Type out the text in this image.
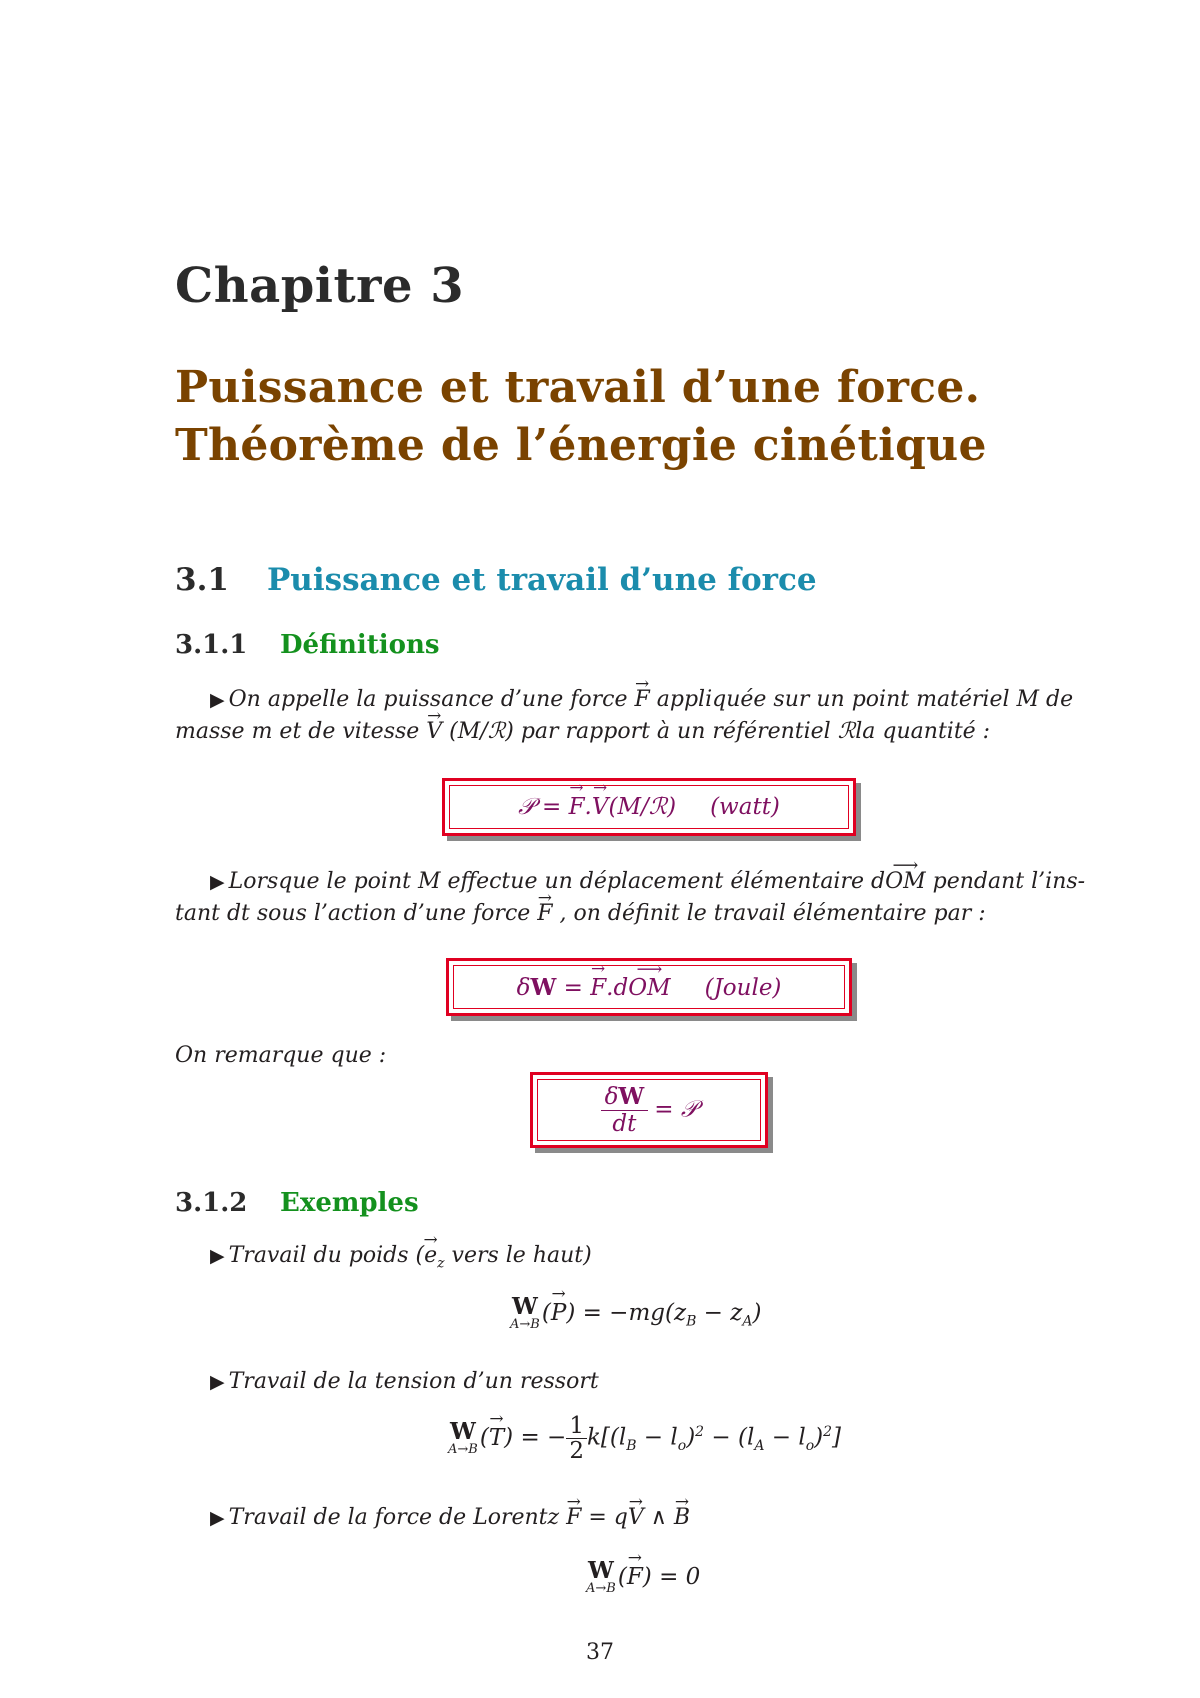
Chapitre 3
Puissance et travail d’une force.
Théorème de l’énergie cinétique
3.1 Puissance et travail d’une force
3.1.1 Définitions
▶ On appelle la puissance d’une force → F appliquée sur un point matériel M de
masse m et de vitesse → V (M/ℛ) par rapport à un référentiel ℛla quantité :
𝒫 = → F.→ V(M/ℛ) (watt)
▶ Lorsque le point M effectue un déplacement élémentaire d⟶ OM pendant l’ins-
tant dt sous l’action d’une force → F , on définit le travail élémentaire par :
δW = → F.d⟶ OM (Joule)
On remarque que :
$\frac{\delta W}{dt}$ = 𝒫
3.1.2 Exemples
▶ Travail du poids (→ $e_z$ vers le haut)
W
A→B (→ $P) = -mg(z_B - z_A)$
▶ Travail de la tension d’un ressort
W
A→B (→ T) = − $\frac{1}{2} k[(l_B - l_o)^2 - (l_A - l_o)^2]$
▶ Travail de la force de Lorentz → F = q→ V ∧ → B
W
A→B (→ F) = 0
37
